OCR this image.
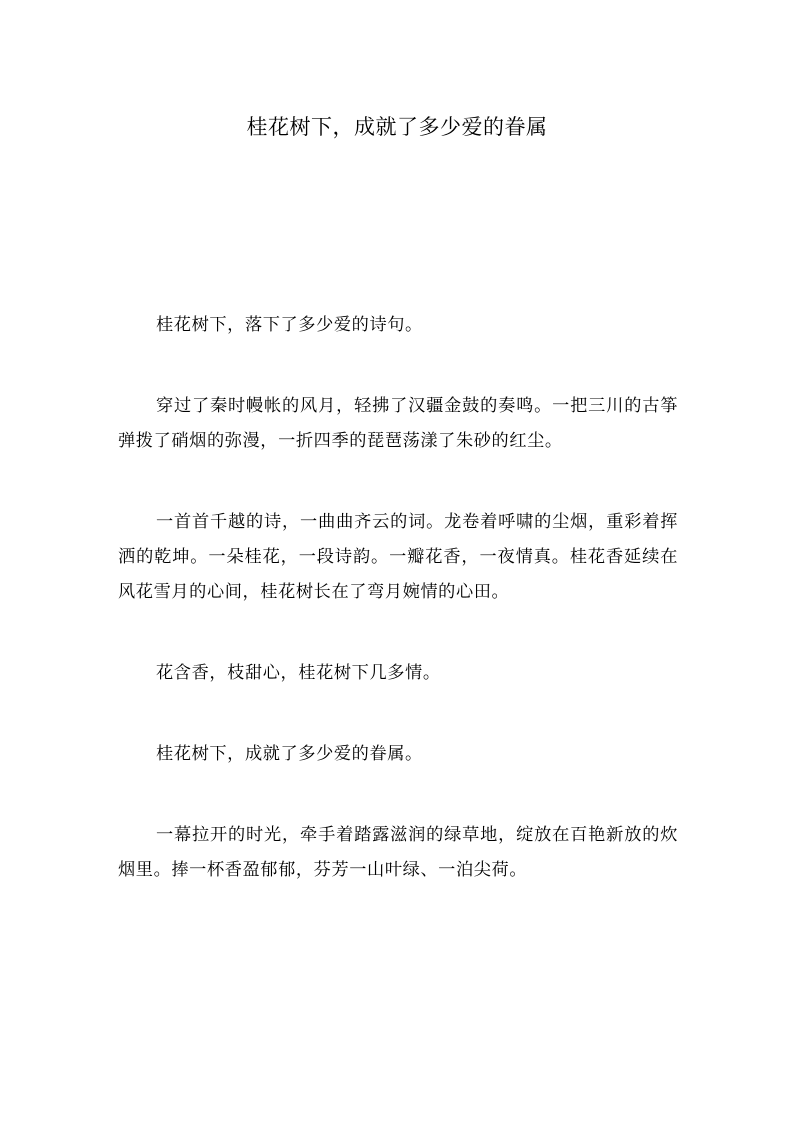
桂花树下，成就了多少爱的眷属

桂花树下，落下了多少爱的诗句。

穿过了秦时幔帐的风月，轻拂了汉疆金鼓的奏鸣。一把三川的古筝弹拨了硝烟的弥漫，一折四季的琵琶荡漾了朱砂的红尘。

一首首千越的诗，一曲曲齐云的词。龙卷着呼啸的尘烟，重彩着挥洒的乾坤。一朵桂花，一段诗韵。一瓣花香，一夜情真。桂花香延续在风花雪月的心间，桂花树长在了弯月婉情的心田。

花含香，枝甜心，桂花树下几多情。

桂花树下，成就了多少爱的眷属。

一幕拉开的时光，牵手着踏露滋润的绿草地，绽放在百艳新放的炊烟里。捧一杯香盈郁郁，芬芳一山叶绿、一泊尖荷。
